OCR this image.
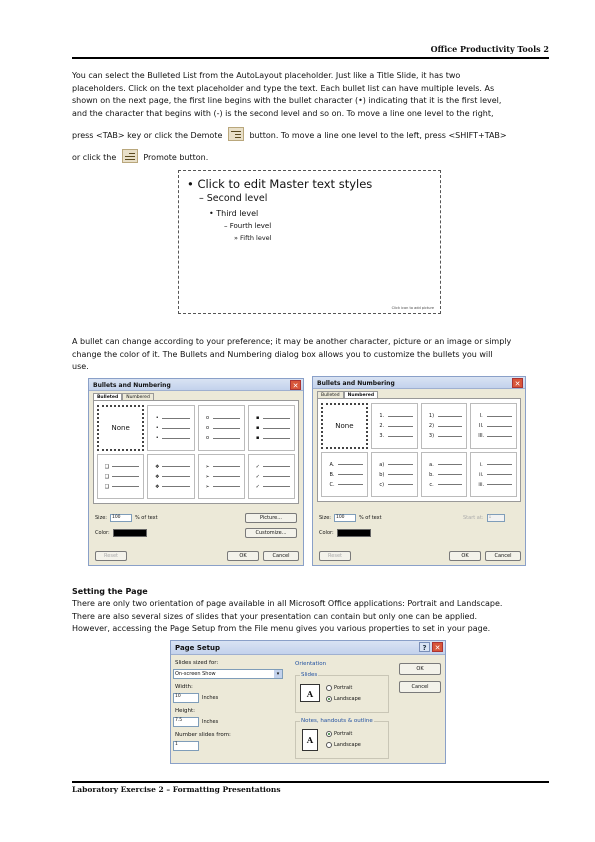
Office Productivity Tools 2
You can select the Bulleted List from the AutoLayout placeholder. Just like a Title Slide, it has two
placeholders. Click on the text placeholder and type the text. Each bullet list can have multiple levels. As
shown on the next page, the first line begins with the bullet character (•) indicating that it is the first level,
and the character that begins with (-) is the second level and so on. To move a line one level to the right,
press <TAB> key or click the Demote	button. To move a line one level to the left, press <SHIFT+TAB>
or click the	Promote button.
• Click to edit Master text styles
– Second level
• Third level
– Fourth level
» Fifth level
Click icon to add picture
A bullet can change according to your preference; it may be another character, picture or an image or simply
change the color of it. The Bullets and Numbering dialog box allows you to customize the bullets you will
use.
Bullets and Numbering	✕
Bulleted	Numbered
None
•
•
•
o
o
o
▪
▪
▪
❑
❑
❑
❖
❖
❖
➢
➢
➢
✓
✓
✓
Size:	100	% of text
Color:
Picture...
Customize...
Reset	OK	Cancel
Bullets and Numbering	✕
Bulleted	Numbered
None
1.
2.
3.
1)
2)
3)
I.
II.
III.
A.
B.
C.
a)
b)
c)
a.
b.
c.
i.
ii.
iii.
Size:	100	% of text
Color:
Start at:	1
Reset	OK	Cancel
Setting the Page
There are only two orientation of page available in all Microsoft Office applications: Portrait and Landscape.
There are also several sizes of slides that your presentation can contain but only one can be applied.
However, accessing the Page Setup from the File menu gives you various properties to set in your page.
Page Setup	?	✕
Slides sized for:
On-screen Show	▾
Width:
10	Inches
Height:
7.5	Inches
Number slides from:
1
Orientation
Slides
A
Portrait
Landscape
Notes, handouts & outline
A
Portrait
Landscape
OK
Cancel
Laboratory Exercise 2 – Formatting Presentations
